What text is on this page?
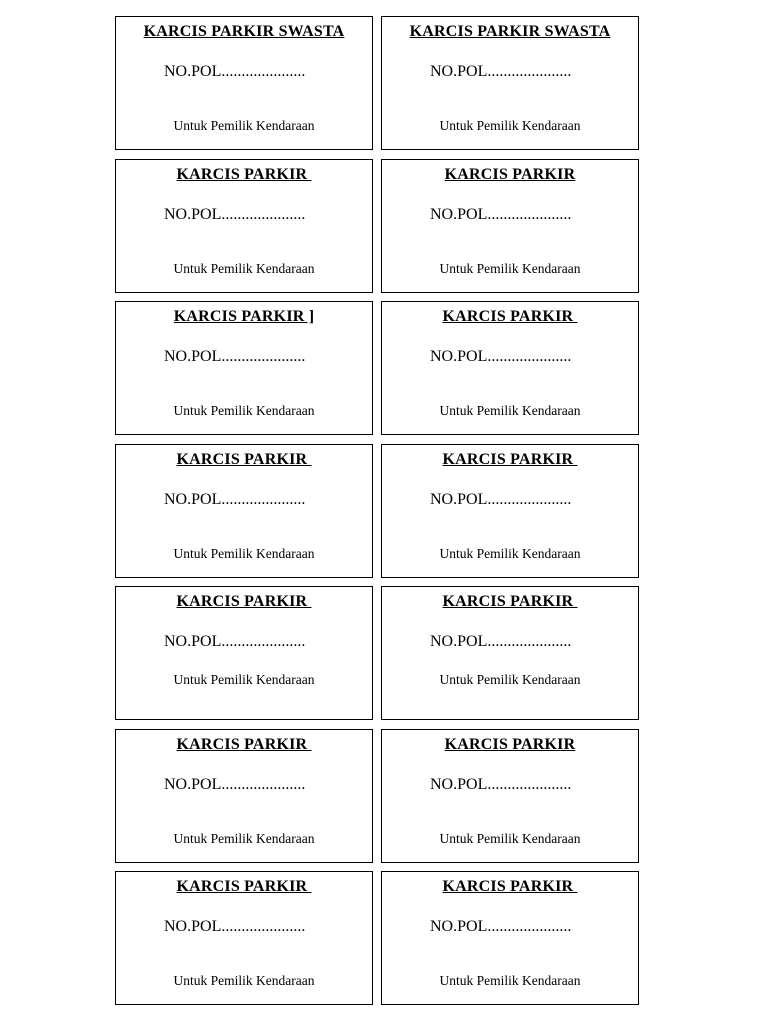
KARCIS PARKIR SWASTA
NO.POL.....................
Untuk Pemilik Kendaraan
KARCIS PARKIR SWASTA
NO.POL.....................
Untuk Pemilik Kendaraan
KARCIS PARKIR
NO.POL.....................
Untuk Pemilik Kendaraan
KARCIS PARKIR
NO.POL.....................
Untuk Pemilik Kendaraan
KARCIS PARKIR ]
NO.POL.....................
Untuk Pemilik Kendaraan
KARCIS PARKIR
NO.POL.....................
Untuk Pemilik Kendaraan
KARCIS PARKIR
NO.POL.....................
Untuk Pemilik Kendaraan
KARCIS PARKIR
NO.POL.....................
Untuk Pemilik Kendaraan
KARCIS PARKIR
NO.POL.....................
Untuk Pemilik Kendaraan
KARCIS PARKIR
NO.POL.....................
Untuk Pemilik Kendaraan
KARCIS PARKIR
NO.POL.....................
Untuk Pemilik Kendaraan
KARCIS PARKIR
NO.POL.....................
Untuk Pemilik Kendaraan
KARCIS PARKIR
NO.POL.....................
Untuk Pemilik Kendaraan
KARCIS PARKIR
NO.POL.....................
Untuk Pemilik Kendaraan
